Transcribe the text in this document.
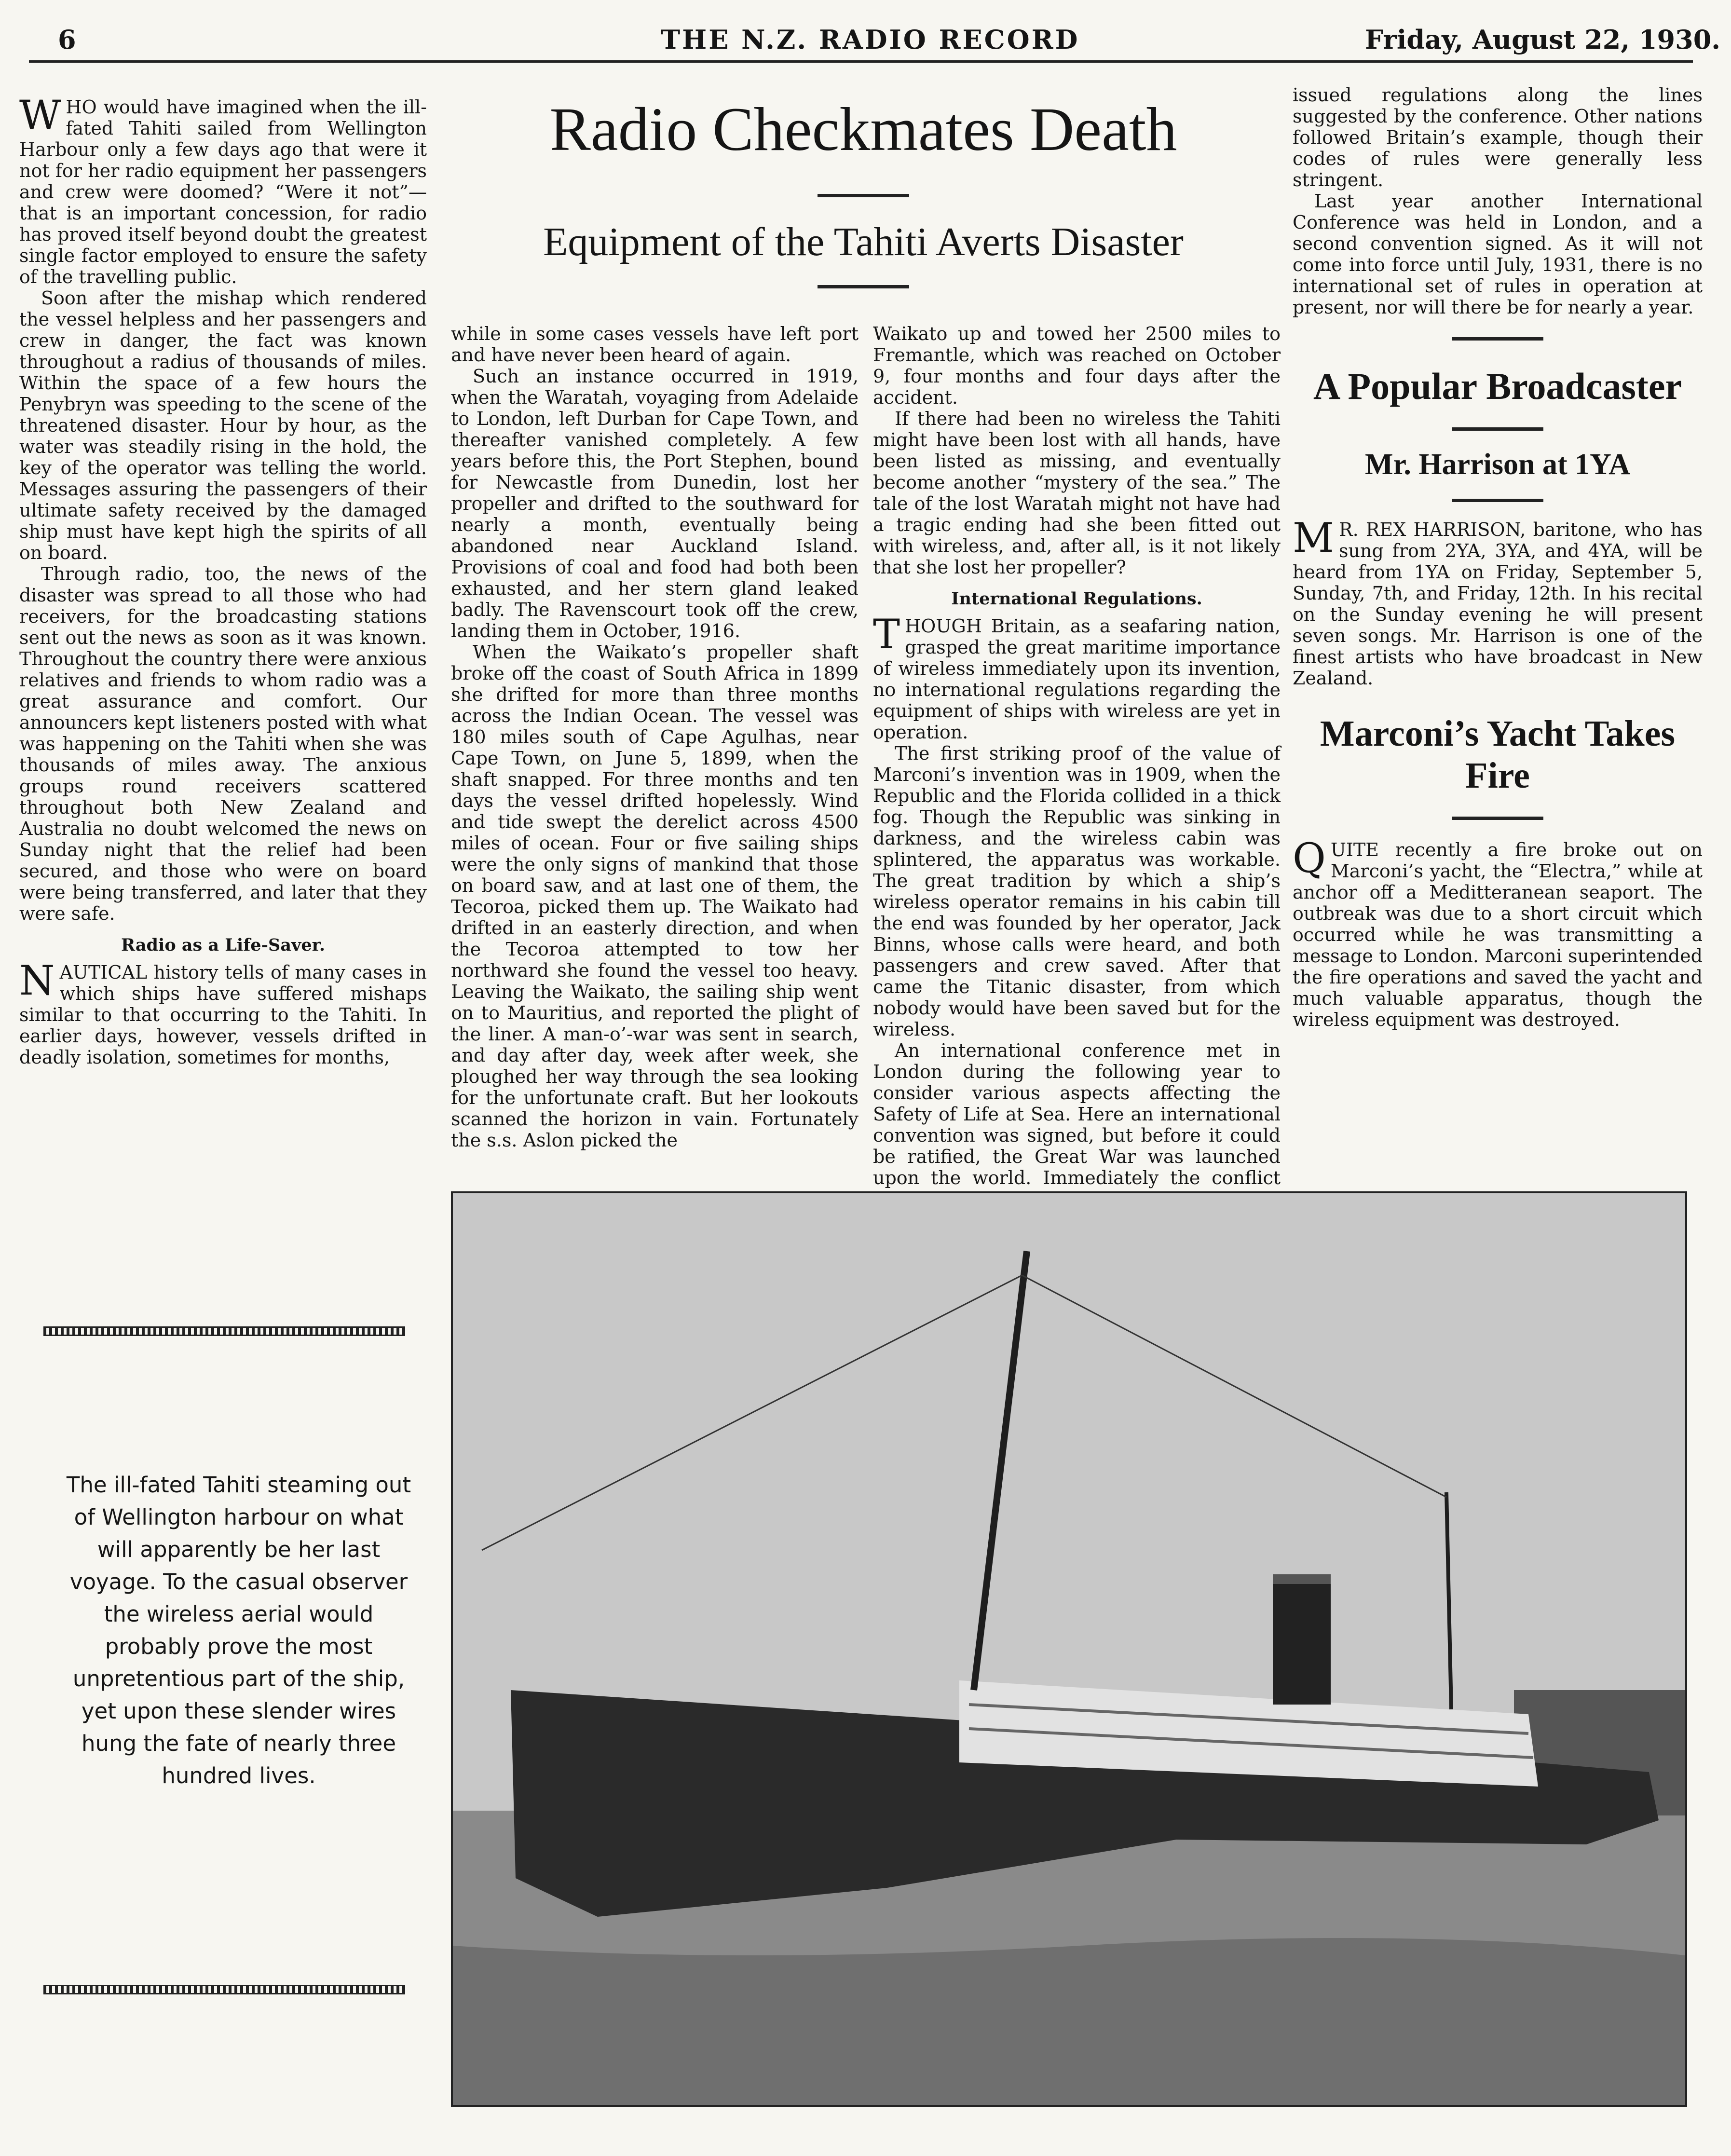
6	THE N.Z. RADIO RECORD	Friday, August 22, 1930.

WHO would have imagined when the ill-fated Tahiti sailed from Wellington Harbour only a few days ago that were it not for her radio equipment her passengers and crew were doomed? “Were it not”—that is an important concession, for radio has proved itself beyond doubt the greatest single factor employed to ensure the safety of the travelling public.

Soon after the mishap which rendered the vessel helpless and her passengers and crew in danger, the fact was known throughout a radius of thousands of miles. Within the space of a few hours the Penybryn was speeding to the scene of the threatened disaster. Hour by hour, as the water was steadily rising in the hold, the key of the operator was telling the world. Messages assuring the passengers of their ultimate safety received by the damaged ship must have kept high the spirits of all on board.

Through radio, too, the news of the disaster was spread to all those who had receivers, for the broadcasting stations sent out the news as soon as it was known. Throughout the country there were anxious relatives and friends to whom radio was a great assurance and comfort. Our announcers kept listeners posted with what was happening on the Tahiti when she was thousands of miles away. The anxious groups round receivers scattered throughout both New Zealand and Australia no doubt welcomed the news on Sunday night that the relief had been secured, and those who were on board were being transferred, and later that they were safe.

Radio as a Life-Saver.

NAUTICAL history tells of many cases in which ships have suffered mishaps similar to that occurring to the Tahiti. In earlier days, however, vessels drifted in deadly isolation, sometimes for months,

Radio Checkmates Death
Equipment of the Tahiti Averts Disaster

while in some cases vessels have left port and have never been heard of again.

Such an instance occurred in 1919, when the Waratah, voyaging from Adelaide to London, left Durban for Cape Town, and thereafter vanished completely. A few years before this, the Port Stephen, bound for Newcastle from Dunedin, lost her propeller and drifted to the southward for nearly a month, eventually being abandoned near Auckland Island. Provisions of coal and food had both been exhausted, and her stern gland leaked badly. The Ravenscourt took off the crew, landing them in October, 1916.

When the Waikato’s propeller shaft broke off the coast of South Africa in 1899 she drifted for more than three months across the Indian Ocean. The vessel was 180 miles south of Cape Agulhas, near Cape Town, on June 5, 1899, when the shaft snapped. For three months and ten days the vessel drifted hopelessly. Wind and tide swept the derelict across 4500 miles of ocean. Four or five sailing ships were the only signs of mankind that those on board saw, and at last one of them, the Tecoroa, picked them up. The Waikato had drifted in an easterly direction, and when the Tecoroa attempted to tow her northward she found the vessel too heavy. Leaving the Waikato, the sailing ship went on to Mauritius, and reported the plight of the liner. A man-o’-war was sent in search, and day after day, week after week, she ploughed her way through the sea looking for the unfortunate craft. But her lookouts scanned the horizon in vain. Fortunately the s.s. Aslon picked the

Waikato up and towed her 2500 miles to Fremantle, which was reached on October 9, four months and four days after the accident.

If there had been no wireless the Tahiti might have been lost with all hands, have been listed as missing, and eventually become another “mystery of the sea.” The tale of the lost Waratah might not have had a tragic ending had she been fitted out with wireless, and, after all, is it not likely that she lost her propeller?

International Regulations.

THOUGH Britain, as a seafaring nation, grasped the great maritime importance of wireless immediately upon its invention, no international regulations regarding the equipment of ships with wireless are yet in operation.

The first striking proof of the value of Marconi’s invention was in 1909, when the Republic and the Florida collided in a thick fog. Though the Republic was sinking in darkness, and the wireless cabin was splintered, the apparatus was workable. The great tradition by which a ship’s wireless operator remains in his cabin till the end was founded by her operator, Jack Binns, whose calls were heard, and both passengers and crew saved. After that came the Titanic disaster, from which nobody would have been saved but for the wireless.

An international conference met in London during the following year to consider various aspects affecting the Safety of Life at Sea. Here an international convention was signed, but before it could be ratified, the Great War was launched upon the world. Immediately the conflict

issued regulations along the lines suggested by the conference. Other nations followed Britain’s example, though their codes of rules were generally less stringent.

Last year another International Conference was held in London, and a second convention signed. As it will not come into force until July, 1931, there is no international set of rules in operation at present, nor will there be for nearly a year.

A Popular Broadcaster
Mr. Harrison at 1YA

MR. REX HARRISON, baritone, who has sung from 2YA, 3YA, and 4YA, will be heard from 1YA on Friday, September 5, Sunday, 7th, and Friday, 12th. In his recital on the Sunday evening he will present seven songs. Mr. Harrison is one of the finest artists who have broadcast in New Zealand.

Marconi’s Yacht Takes Fire

QUITE recently a fire broke out on Marconi’s yacht, the “Electra,” while at anchor off a Meditteranean seaport. The outbreak was due to a short circuit which occurred while he was transmitting a message to London. Marconi superintended the fire operations and saved the yacht and much valuable apparatus, though the wireless equipment was destroyed.

The ill-fated Tahiti steaming out of Wellington harbour on what will apparently be her last voyage. To the casual observer the wireless aerial would probably prove the most unpretentious part of the ship, yet upon these slender wires hung the fate of nearly three hundred lives.
